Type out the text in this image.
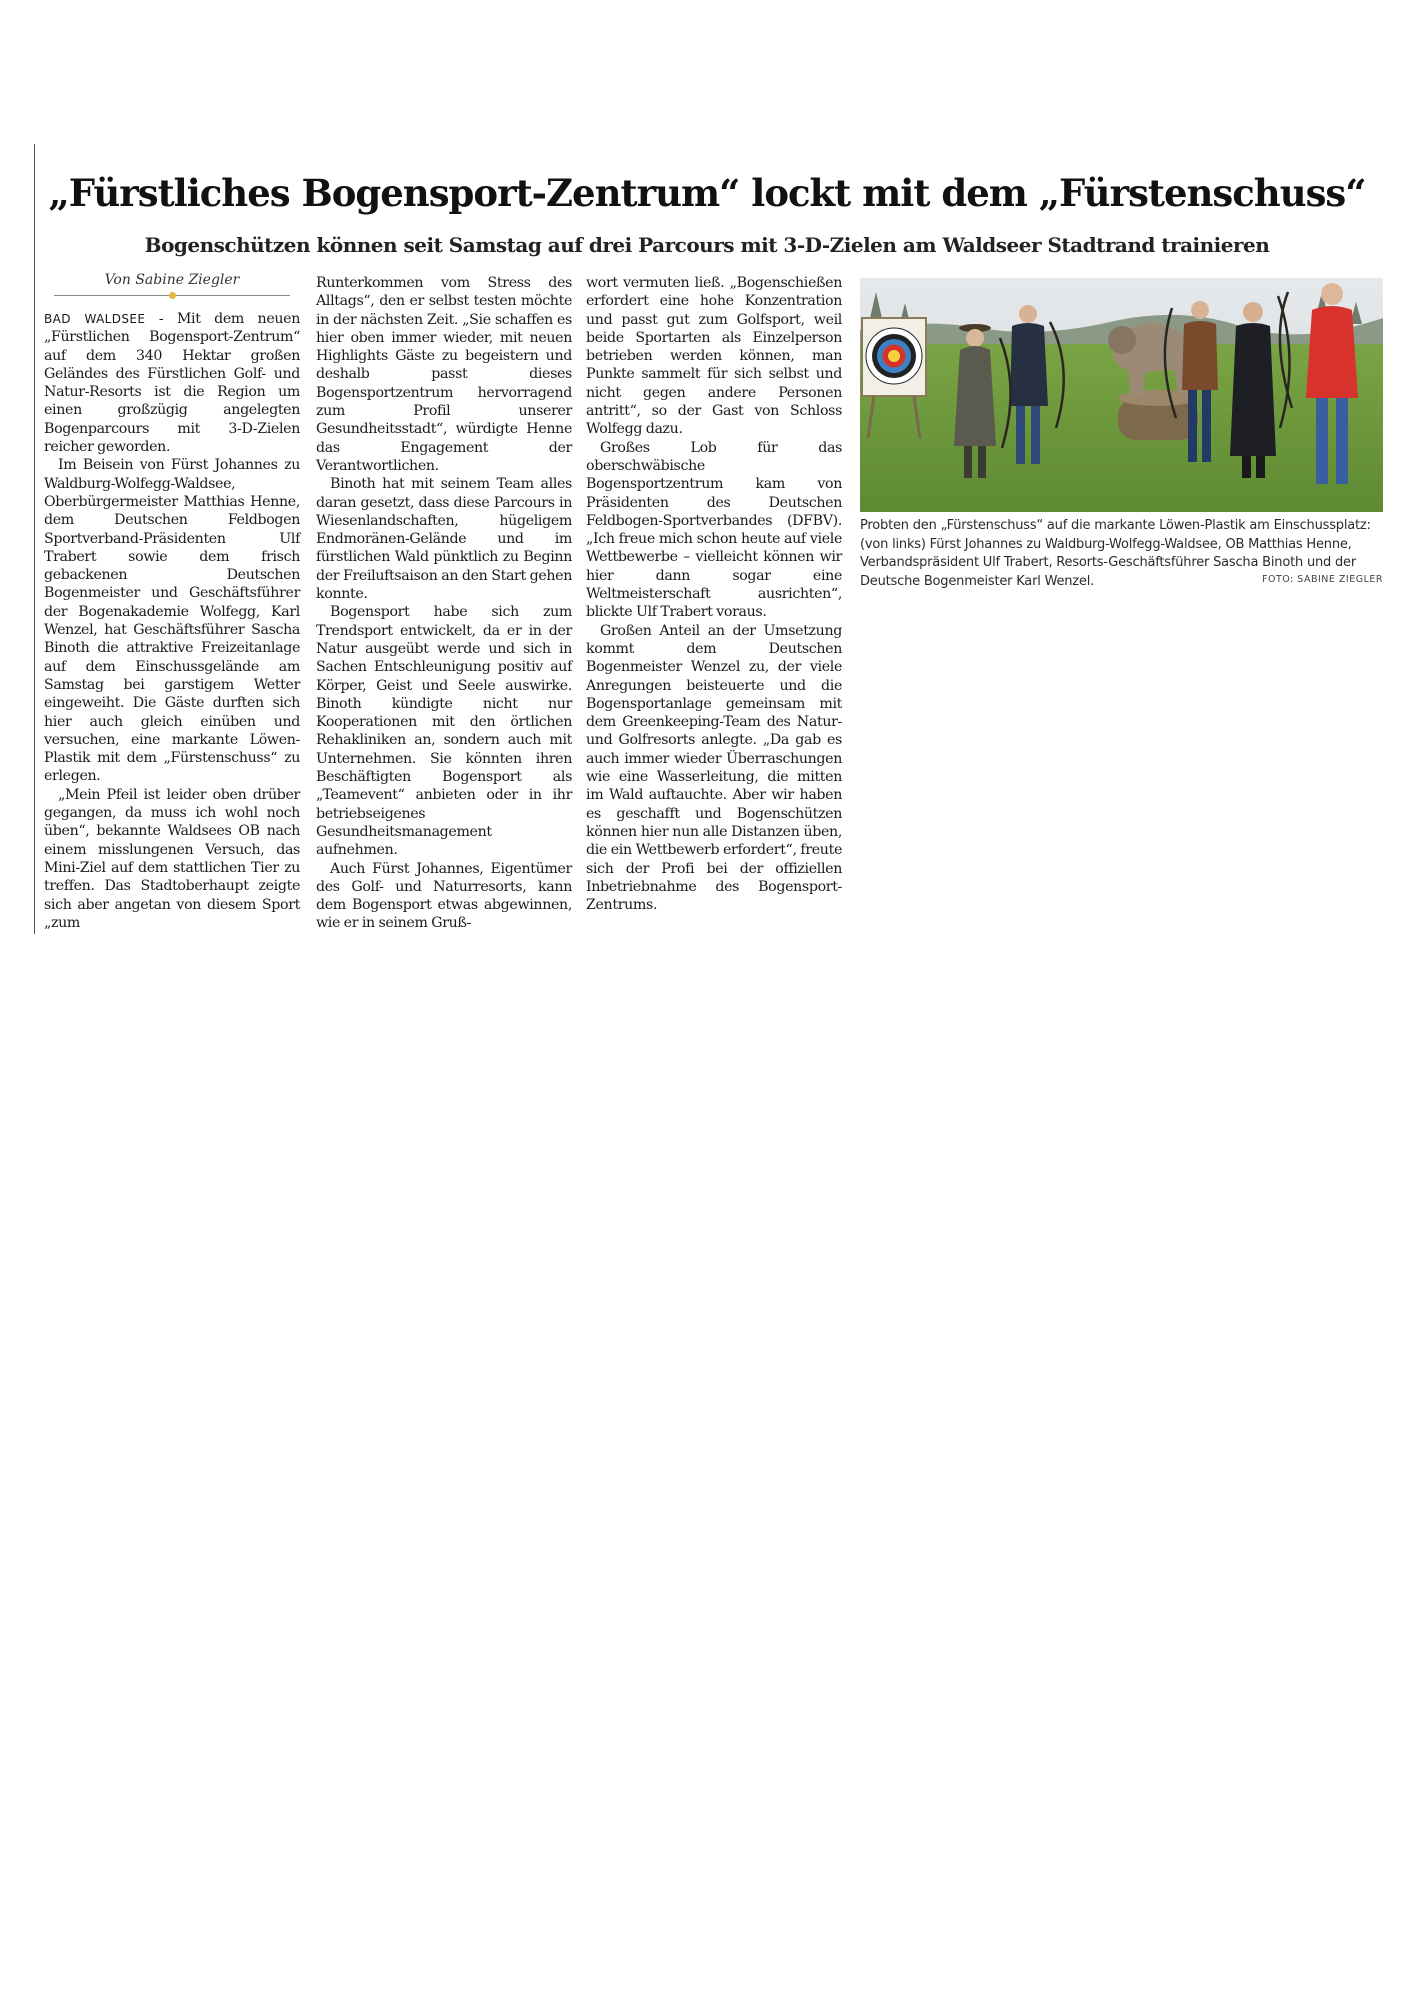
„Fürstliches Bogensport-Zentrum“ lockt mit dem „Fürstenschuss“
Bogenschützen können seit Samstag auf drei Parcours mit 3-D-Zielen am Waldseer Stadtrand trainieren
Von Sabine Ziegler

BAD WALDSEE - Mit dem neuen „Fürstlichen Bogensport-Zentrum“ auf dem 340 Hektar großen Geländes des Fürstlichen Golf- und Natur-Resorts ist die Region um einen großzügig angelegten Bogenparcours mit 3-D-Zielen reicher geworden.

Im Beisein von Fürst Johannes zu Waldburg-Wolfegg-Waldsee, Oberbürgermeister Matthias Henne, dem Deutschen Feldbogen Sportverband-Präsidenten Ulf Trabert sowie dem frisch gebackenen Deutschen Bogenmeister und Geschäftsführer der Bogenakademie Wolfegg, Karl Wenzel, hat Geschäftsführer Sascha Binoth die attraktive Freizeitanlage auf dem Einschussgelände am Samstag bei garstigem Wetter eingeweiht. Die Gäste durften sich hier auch gleich einüben und versuchen, eine markante Löwen-Plastik mit dem „Fürstenschuss“ zu erlegen.

„Mein Pfeil ist leider oben drüber gegangen, da muss ich wohl noch üben“, bekannte Waldsees OB nach einem misslungenen Versuch, das Mini-Ziel auf dem stattlichen Tier zu treffen. Das Stadtoberhaupt zeigte sich aber angetan von diesem Sport „zum

Runterkommen vom Stress des Alltags“, den er selbst testen möchte in der nächsten Zeit. „Sie schaffen es hier oben immer wieder, mit neuen Highlights Gäste zu begeistern und deshalb passt dieses Bogensportzentrum hervorragend zum Profil unserer Gesundheitsstadt“, würdigte Henne das Engagement der Verantwortlichen.

Binoth hat mit seinem Team alles daran gesetzt, dass diese Parcours in Wiesenlandschaften, hügeligem Endmoränen-Gelände und im fürstlichen Wald pünktlich zu Beginn der Freiluftsaison an den Start gehen konnte.

Bogensport habe sich zum Trendsport entwickelt, da er in der Natur ausgeübt werde und sich in Sachen Entschleunigung positiv auf Körper, Geist und Seele auswirke. Binoth kündigte nicht nur Kooperationen mit den örtlichen Rehakliniken an, sondern auch mit Unternehmen. Sie könnten ihren Beschäftigten Bogensport als „Teamevent“ anbieten oder in ihr betriebseigenes Gesundheitsmanagement aufnehmen.

Auch Fürst Johannes, Eigentümer des Golf- und Naturresorts, kann dem Bogensport etwas abgewinnen, wie er in seinem Gruß-

wort vermuten ließ. „Bogenschießen erfordert eine hohe Konzentration und passt gut zum Golfsport, weil beide Sportarten als Einzelperson betrieben werden können, man Punkte sammelt für sich selbst und nicht gegen andere Personen antritt“, so der Gast von Schloss Wolfegg dazu.

Großes Lob für das oberschwäbische Bogensportzentrum kam von Präsidenten des Deutschen Feldbogen-Sportverbandes (DFBV). „Ich freue mich schon heute auf viele Wettbewerbe – vielleicht können wir hier dann sogar eine Weltmeisterschaft ausrichten“, blickte Ulf Trabert voraus.

Großen Anteil an der Umsetzung kommt dem Deutschen Bogenmeister Wenzel zu, der viele Anregungen beisteuerte und die Bogensportanlage gemeinsam mit dem Greenkeeping-Team des Natur- und Golfresorts anlegte. „Da gab es auch immer wieder Überraschungen wie eine Wasserleitung, die mitten im Wald auftauchte. Aber wir haben es geschafft und Bogenschützen können hier nun alle Distanzen üben, die ein Wettbewerb erfordert“, freute sich der Profi bei der offiziellen Inbetriebnahme des Bogensport-Zentrums.

Probten den „Fürstenschuss“ auf die markante Löwen-Plastik am Einschussplatz: (von links) Fürst Johannes zu Waldburg-Wolfegg-Waldsee, OB Matthias Henne, Verbandspräsident Ulf Trabert, Resorts-Geschäftsführer Sascha Binoth und der Deutsche Bogenmeister Karl Wenzel.	FOTO: SABINE ZIEGLER
